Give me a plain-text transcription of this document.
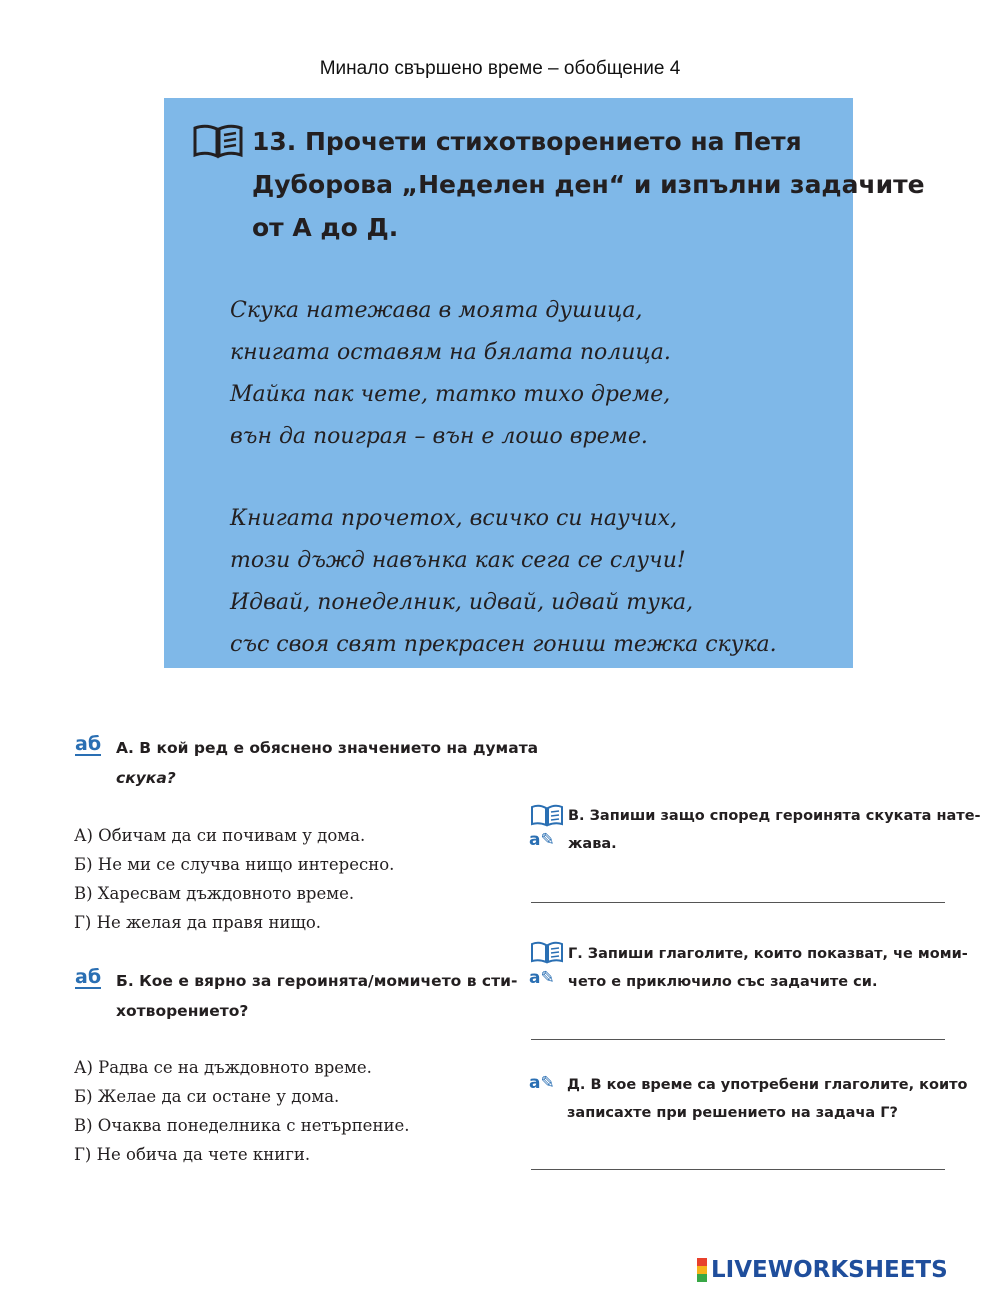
Минало свършено време – обобщение 4
13. Прочети стихотворението на Петя
Дуборова „Неделен ден“ и изпълни задачите
от А до Д.
Скука натежава в моята душица,
книгата оставям на бялата полица.
Майка пак чете, татко тихо дреме,
вън да поиграя – вън е лошо време.
Книгата прочетох, всичко си научих,
този дъжд навънка как сега се случи!
Идвай, понеделник, идвай, идвай тука,
със своя свят прекрасен гониш тежка скука.
аб А. В кой ред е обяснено значението на думата
скука?
А) Обичам да си почивам у дома.
Б) Не ми се случва нищо интересно.
В) Харесвам дъждовното време.
Г) Не желая да правя нищо.
аб Б. Кое е вярно за героинята/момичето в сти-
хотворението?
А) Радва се на дъждовното време.
Б) Желае да си остане у дома.
В) Очаква понеделника с нетърпение.
Г) Не обича да чете книги.
а✎
В. Запиши защо според героинята скуката нате-
жава.
а✎
Г. Запиши глаголите, които показват, че моми-
чето е приключило със задачите си.
а✎ Д. В кое време са употребени глаголите, които
записахте при решението на задача Г?
LIVEWORKSHEETS
